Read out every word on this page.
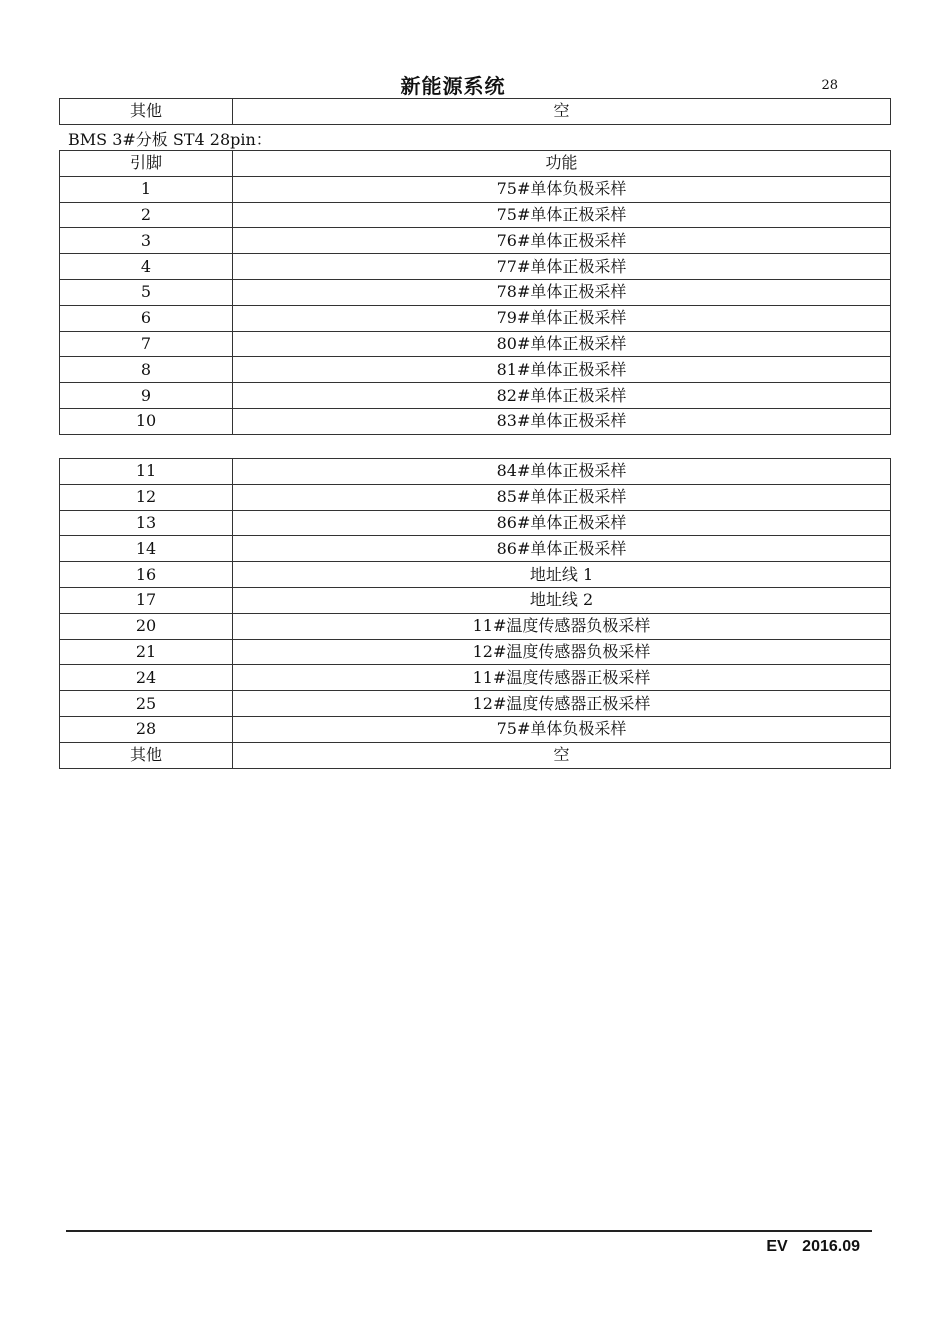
新能源系统	28
其他	空
BMS 3#分板 ST4 28pin：
引脚	功能
1	75#单体负极采样
2	75#单体正极采样
3	76#单体正极采样
4	77#单体正极采样
5	78#单体正极采样
6	79#单体正极采样
7	80#单体正极采样
8	81#单体正极采样
9	82#单体正极采样
10	83#单体正极采样
11	84#单体正极采样
12	85#单体正极采样
13	86#单体正极采样
14	86#单体正极采样
16	地址线 1
17	地址线 2
20	11#温度传感器负极采样
21	12#温度传感器负极采样
24	11#温度传感器正极采样
25	12#温度传感器正极采样
28	75#单体负极采样
其他	空
EV 2016.09
